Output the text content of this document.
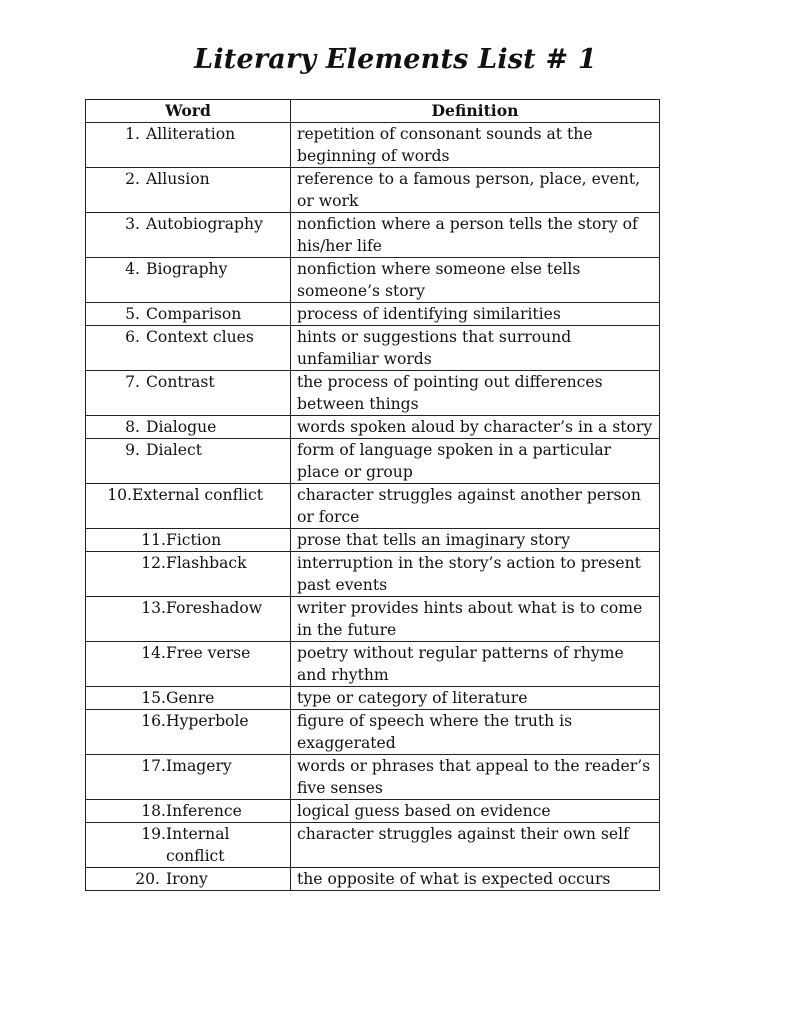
Literary Elements List # 1
Word	Definition

1. Alliteration	repetition of consonant sounds at the beginning of words

2. Allusion	reference to a famous person, place, event, or work

3. Autobiography	nonfiction where a person tells the story of his/her life

4. Biography	nonfiction where someone else tells someone’s story

5. Comparison	process of identifying similarities

6. Context clues	hints or suggestions that surround unfamiliar words

7. Contrast	the process of pointing out differences between things

8. Dialogue	words spoken aloud by character’s in a story

9. Dialect	form of language spoken in a particular place or group

10. External conflict	character struggles against another person or force

11. Fiction	prose that tells an imaginary story

12. Flashback	interruption in the story’s action to present past events

13. Foreshadow	writer provides hints about what is to come in the future

14. Free verse	poetry without regular patterns of rhyme and rhythm

15. Genre	type or category of literature

16. Hyperbole	figure of speech where the truth is exaggerated

17. Imagery	words or phrases that appeal to the reader’s five senses

18. Inference	logical guess based on evidence

19. Internal conflict	character struggles against their own self

20. Irony	the opposite of what is expected occurs
